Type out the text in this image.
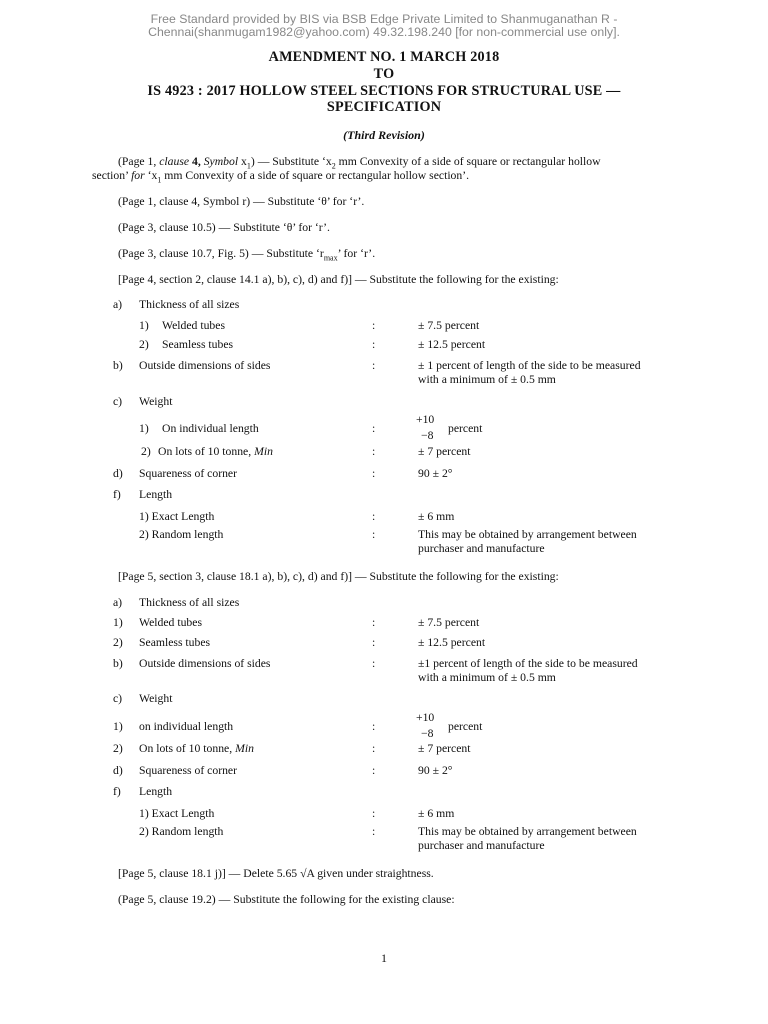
Free Standard provided by BIS via BSB Edge Private Limited to Shanmuganathan R -
Chennai(shanmugam1982@yahoo.com) 49.32.198.240 [for non-commercial use only].
AMENDMENT NO. 1 MARCH 2018
TO
IS 4923 : 2017 HOLLOW STEEL SECTIONS FOR STRUCTURAL USE —
SPECIFICATION
(Third Revision)
(Page 1, clause 4, Symbol $x_1$) — Substitute ‘$x_2$ mm Convexity of a side of square or rectangular hollow
section’ for ‘$x_1$ mm Convexity of a side of square or rectangular hollow section’.
(Page 1, clause 4, Symbol r) — Substitute ‘θ’ for ‘r’.
(Page 3, clause 10.5) — Substitute ‘θ’ for ‘r’.
(Page 3, clause 10.7, Fig. 5) — Substitute ‘$r_{max}$’ for ‘r’.
[Page 4, section 2, clause 14.1 a), b), c), d) and f)] — Substitute the following for the existing:
a) Thickness of all sizes
1) Welded tubes	:	± 7.5 percent
2) Seamless tubes	:	± 12.5 percent
b) Outside dimensions of sides	:	± 1 percent of length of the side to be measured
with a minimum of ± 0.5 mm
c) Weight
1) On individual length	:
+10
−8
percent
2) On lots of 10 tonne, Min	:	± 7 percent
d) Squareness of corner	:	90 ± 2°
f) Length
1) Exact Length	:	± 6 mm
2) Random length	:	This may be obtained by arrangement between
purchaser and manufacture
[Page 5, section 3, clause 18.1 a), b), c), d) and f)] — Substitute the following for the existing:
a) Thickness of all sizes
1) Welded tubes	:	± 7.5 percent
2) Seamless tubes	:	± 12.5 percent
b) Outside dimensions of sides	:	±1 percent of length of the side to be measured
with a minimum of ± 0.5 mm
c) Weight
1) on individual length	:
+10
−8
percent
2) On lots of 10 tonne, Min	:	± 7 percent
d) Squareness of corner	:	90 ± 2°
f) Length
1) Exact Length	:	± 6 mm
2) Random length	:	This may be obtained by arrangement between
purchaser and manufacture
[Page 5, clause 18.1 j)] — Delete 5.65 √A given under straightness.
(Page 5, clause 19.2) — Substitute the following for the existing clause:
1
